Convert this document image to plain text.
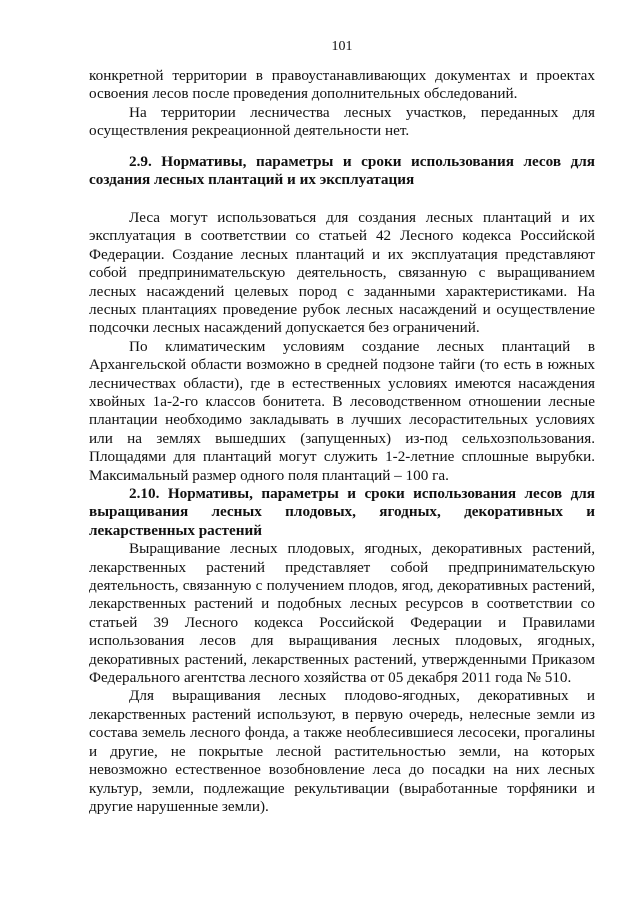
101

конкретной территории в правоустанавливающих документах и проектах освоения лесов после проведения дополнительных обследований.

На территории лесничества лесных участков, переданных для осуществления рекреационной деятельности нет.

2.9. Нормативы, параметры и сроки использования лесов для создания лесных плантаций и их эксплуатация

Леса могут использоваться для создания лесных плантаций и их эксплуатация в соответствии со статьей 42 Лесного кодекса Российской Федерации. Создание лесных плантаций и их эксплуатация представляют собой предпринимательскую деятельность, связанную с выращиванием лесных насаждений целевых пород с заданными характеристиками. На лесных плантациях проведение рубок лесных насаждений и осуществление подсочки лесных насаждений допускается без ограничений.

По климатическим условиям создание лесных плантаций в Архангельской области возможно в средней подзоне тайги (то есть в южных лесничествах области), где в естественных условиях имеются насаждения хвойных 1а-2-го классов бонитета. В лесоводственном отношении лесные плантации необходимо закладывать в лучших лесорастительных условиях или на землях вышедших (запущенных) из-под сельхозпользования. Площадями для плантаций могут служить 1-2-летние сплошные вырубки. Максимальный размер одного поля плантаций – 100 га.

2.10. Нормативы, параметры и сроки использования лесов для выращивания лесных плодовых, ягодных, декоративных и лекарственных растений

Выращивание лесных плодовых, ягодных, декоративных растений, лекарственных растений представляет собой предпринимательскую деятельность, связанную с получением плодов, ягод, декоративных растений, лекарственных растений и подобных лесных ресурсов в соответствии со статьей 39 Лесного кодекса Российской Федерации и Правилами использования лесов для выращивания лесных плодовых, ягодных, декоративных растений, лекарственных растений, утвержденными Приказом Федерального агентства лесного хозяйства от 05 декабря 2011 года № 510.

Для выращивания лесных плодово-ягодных, декоративных и лекарственных растений используют, в первую очередь, нелесные земли из состава земель лесного фонда, а также необлесившиеся лесосеки, прогалины и другие, не покрытые лесной растительностью земли, на которых невозможно естественное возобновление леса до посадки на них лесных культур, земли, подлежащие рекультивации (выработанные торфяники и другие нарушенные земли).
